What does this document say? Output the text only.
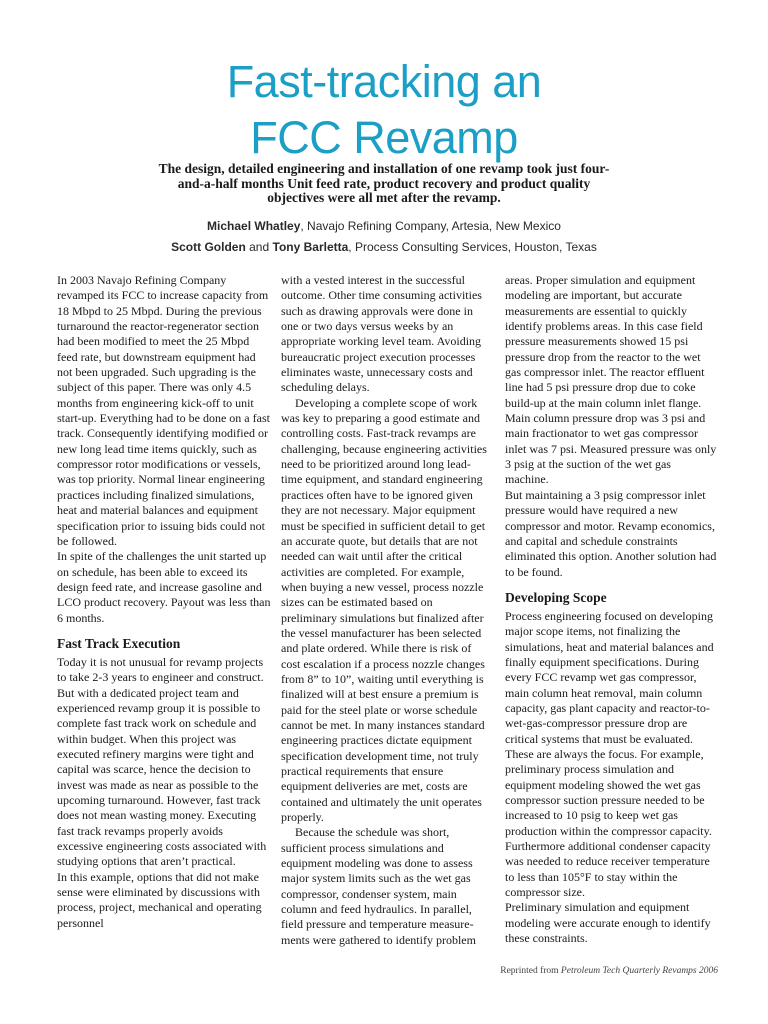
Fast-tracking an
FCC Revamp

The design, detailed engineering and installation of one revamp took just four-and-a-half months Unit feed rate, product recovery and product quality objectives were all met after the revamp.

Michael Whatley, Navajo Refining Company, Artesia, New Mexico
Scott Golden and Tony Barletta, Process Consulting Services, Houston, Texas

In 2003 Navajo Refining Company revamped its FCC to increase capacity from 18 Mbpd to 25 Mbpd. During the previous turnaround the reactor-regenerator section had been modified to meet the 25 Mbpd feed rate, but downstream equipment had not been upgraded. Such upgrading is the subject of this paper. There was only 4.5 months from engineering kick-off to unit start-up. Everything had to be done on a fast track. Consequently identifying modified or new long lead time items quickly, such as compressor rotor modifications or vessels, was top priority. Normal linear engineering practices including finalized simulations, heat and material balances and equipment specification prior to issuing bids could not be followed.

In spite of the challenges the unit started up on schedule, has been able to exceed its design feed rate, and increase gasoline and LCO product recovery. Payout was less than 6 months.

Fast Track Execution

Today it is not unusual for revamp projects to take 2-3 years to engineer and construct. But with a dedicated project team and experienced revamp group it is possible to complete fast track work on schedule and within budget. When this project was executed refinery margins were tight and capital was scarce, hence the decision to invest was made as near as possible to the upcoming turnaround. However, fast track does not mean wasting money. Executing fast track revamps properly avoids excessive engineering costs associated with studying options that aren’t practical.

In this example, options that did not make sense were eliminated by discussions with process, project, mechanical and operating personnel

with a vested interest in the successful outcome. Other time consuming activities such as drawing approvals were done in one or two days versus weeks by an appropriate working level team. Avoiding bureaucratic project execution processes eliminates waste, unnecessary costs and scheduling delays.

Developing a complete scope of work was key to preparing a good estimate and controlling costs. Fast-track revamps are challenging, because engineering activities need to be prioritized around long lead-time equipment, and standard engineering practices often have to be ignored given they are not necessary. Major equipment must be specified in sufficient detail to get an accurate quote, but details that are not needed can wait until after the critical activities are completed. For example, when buying a new vessel, process nozzle sizes can be estimated based on preliminary simulations but finalized after the vessel manufacturer has been selected and plate ordered. While there is risk of cost escalation if a process nozzle changes from 8” to 10”, waiting until everything is finalized will at best ensure a premium is paid for the steel plate or worse schedule cannot be met. In many instances standard engineering practices dictate equipment specification development time, not truly practical requirements that ensure equipment deliveries are met, costs are contained and ultimately the unit operates properly.

Because the schedule was short, sufficient process simulations and equipment modeling was done to assess major system limits such as the wet gas compressor, condenser system, main column and feed hydraulics. In parallel, field pressure and temperature measure-ments were gathered to identify problem

areas. Proper simulation and equipment modeling are important, but accurate measurements are essential to quickly identify problems areas. In this case field pressure measurements showed 15 psi pressure drop from the reactor to the wet gas compressor inlet. The reactor effluent line had 5 psi pressure drop due to coke build-up at the main column inlet flange. Main column pressure drop was 3 psi and main fractionator to wet gas compressor inlet was 7 psi. Measured pressure was only 3 psig at the suction of the wet gas machine.

But maintaining a 3 psig compressor inlet pressure would have required a new compressor and motor. Revamp economics, and capital and schedule constraints eliminated this option. Another solution had to be found.

Developing Scope

Process engineering focused on developing major scope items, not finalizing the simulations, heat and material balances and finally equipment specifications. During every FCC revamp wet gas compressor, main column heat removal, main column capacity, gas plant capacity and reactor-to-wet-gas-compressor pressure drop are critical systems that must be evaluated. These are always the focus. For example, preliminary process simulation and equipment modeling showed the wet gas compressor suction pressure needed to be increased to 10 psig to keep wet gas production within the compressor capacity. Furthermore additional condenser capacity was needed to reduce receiver temperature to less than 105°F to stay within the compressor size.

Preliminary simulation and equipment modeling were accurate enough to identify these constraints.

Reprinted from Petroleum Tech Quarterly Revamps 2006
